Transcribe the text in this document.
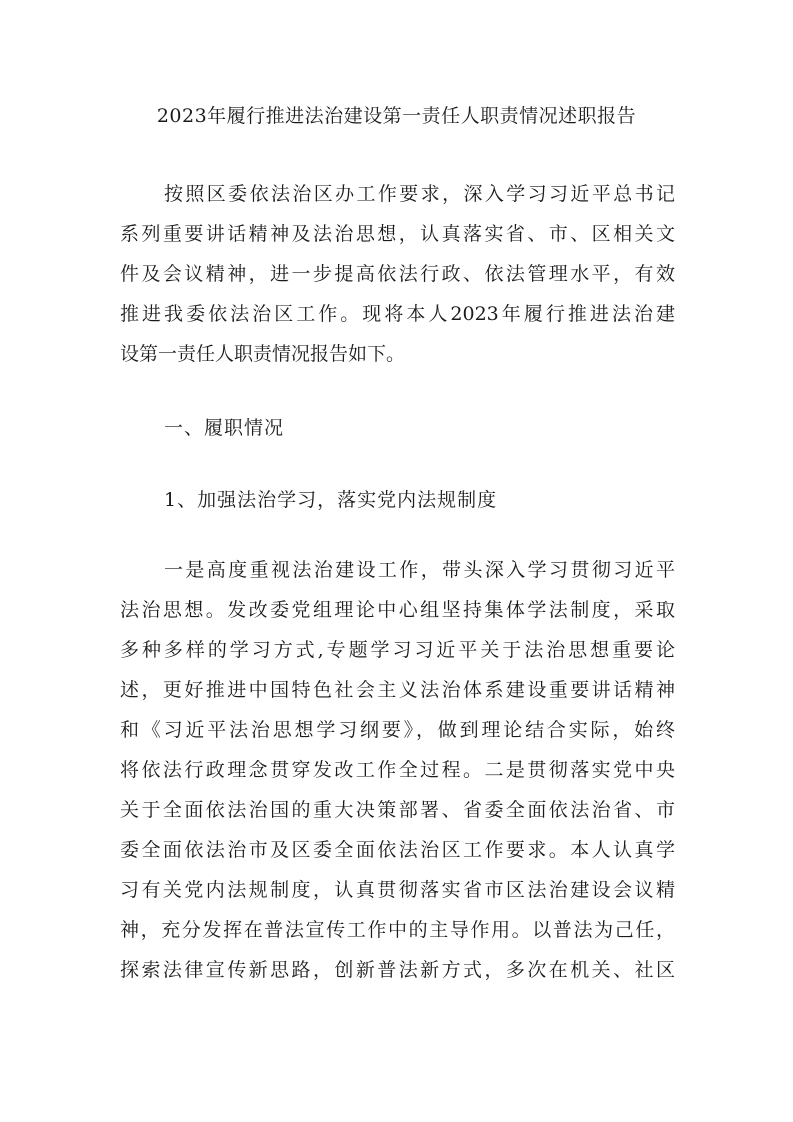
2023年履行推进法治建设第一责任人职责情况述职报告
按照区委依法治区办工作要求，深入学习习近平总书记
系列重要讲话精神及法治思想，认真落实省、市、区相关文
件及会议精神，进一步提高依法行政、依法管理水平，有效
推进我委依法治区工作。现将本人2023年履行推进法治建
设第一责任人职责情况报告如下。
一、履职情况
1、加强法治学习，落实党内法规制度
一是高度重视法治建设工作，带头深入学习贯彻习近平
法治思想。发改委党组理论中心组坚持集体学法制度，采取
多种多样的学习方式,专题学习习近平关于法治思想重要论
述，更好推进中国特色社会主义法治体系建设重要讲话精神
和《习近平法治思想学习纲要》，做到理论结合实际，始终
将依法行政理念贯穿发改工作全过程。二是贯彻落实党中央
关于全面依法治国的重大决策部署、省委全面依法治省、市
委全面依法治市及区委全面依法治区工作要求。本人认真学
习有关党内法规制度，认真贯彻落实省市区法治建设会议精
神，充分发挥在普法宣传工作中的主导作用。以普法为己任，
探索法律宣传新思路，创新普法新方式，多次在机关、社区
